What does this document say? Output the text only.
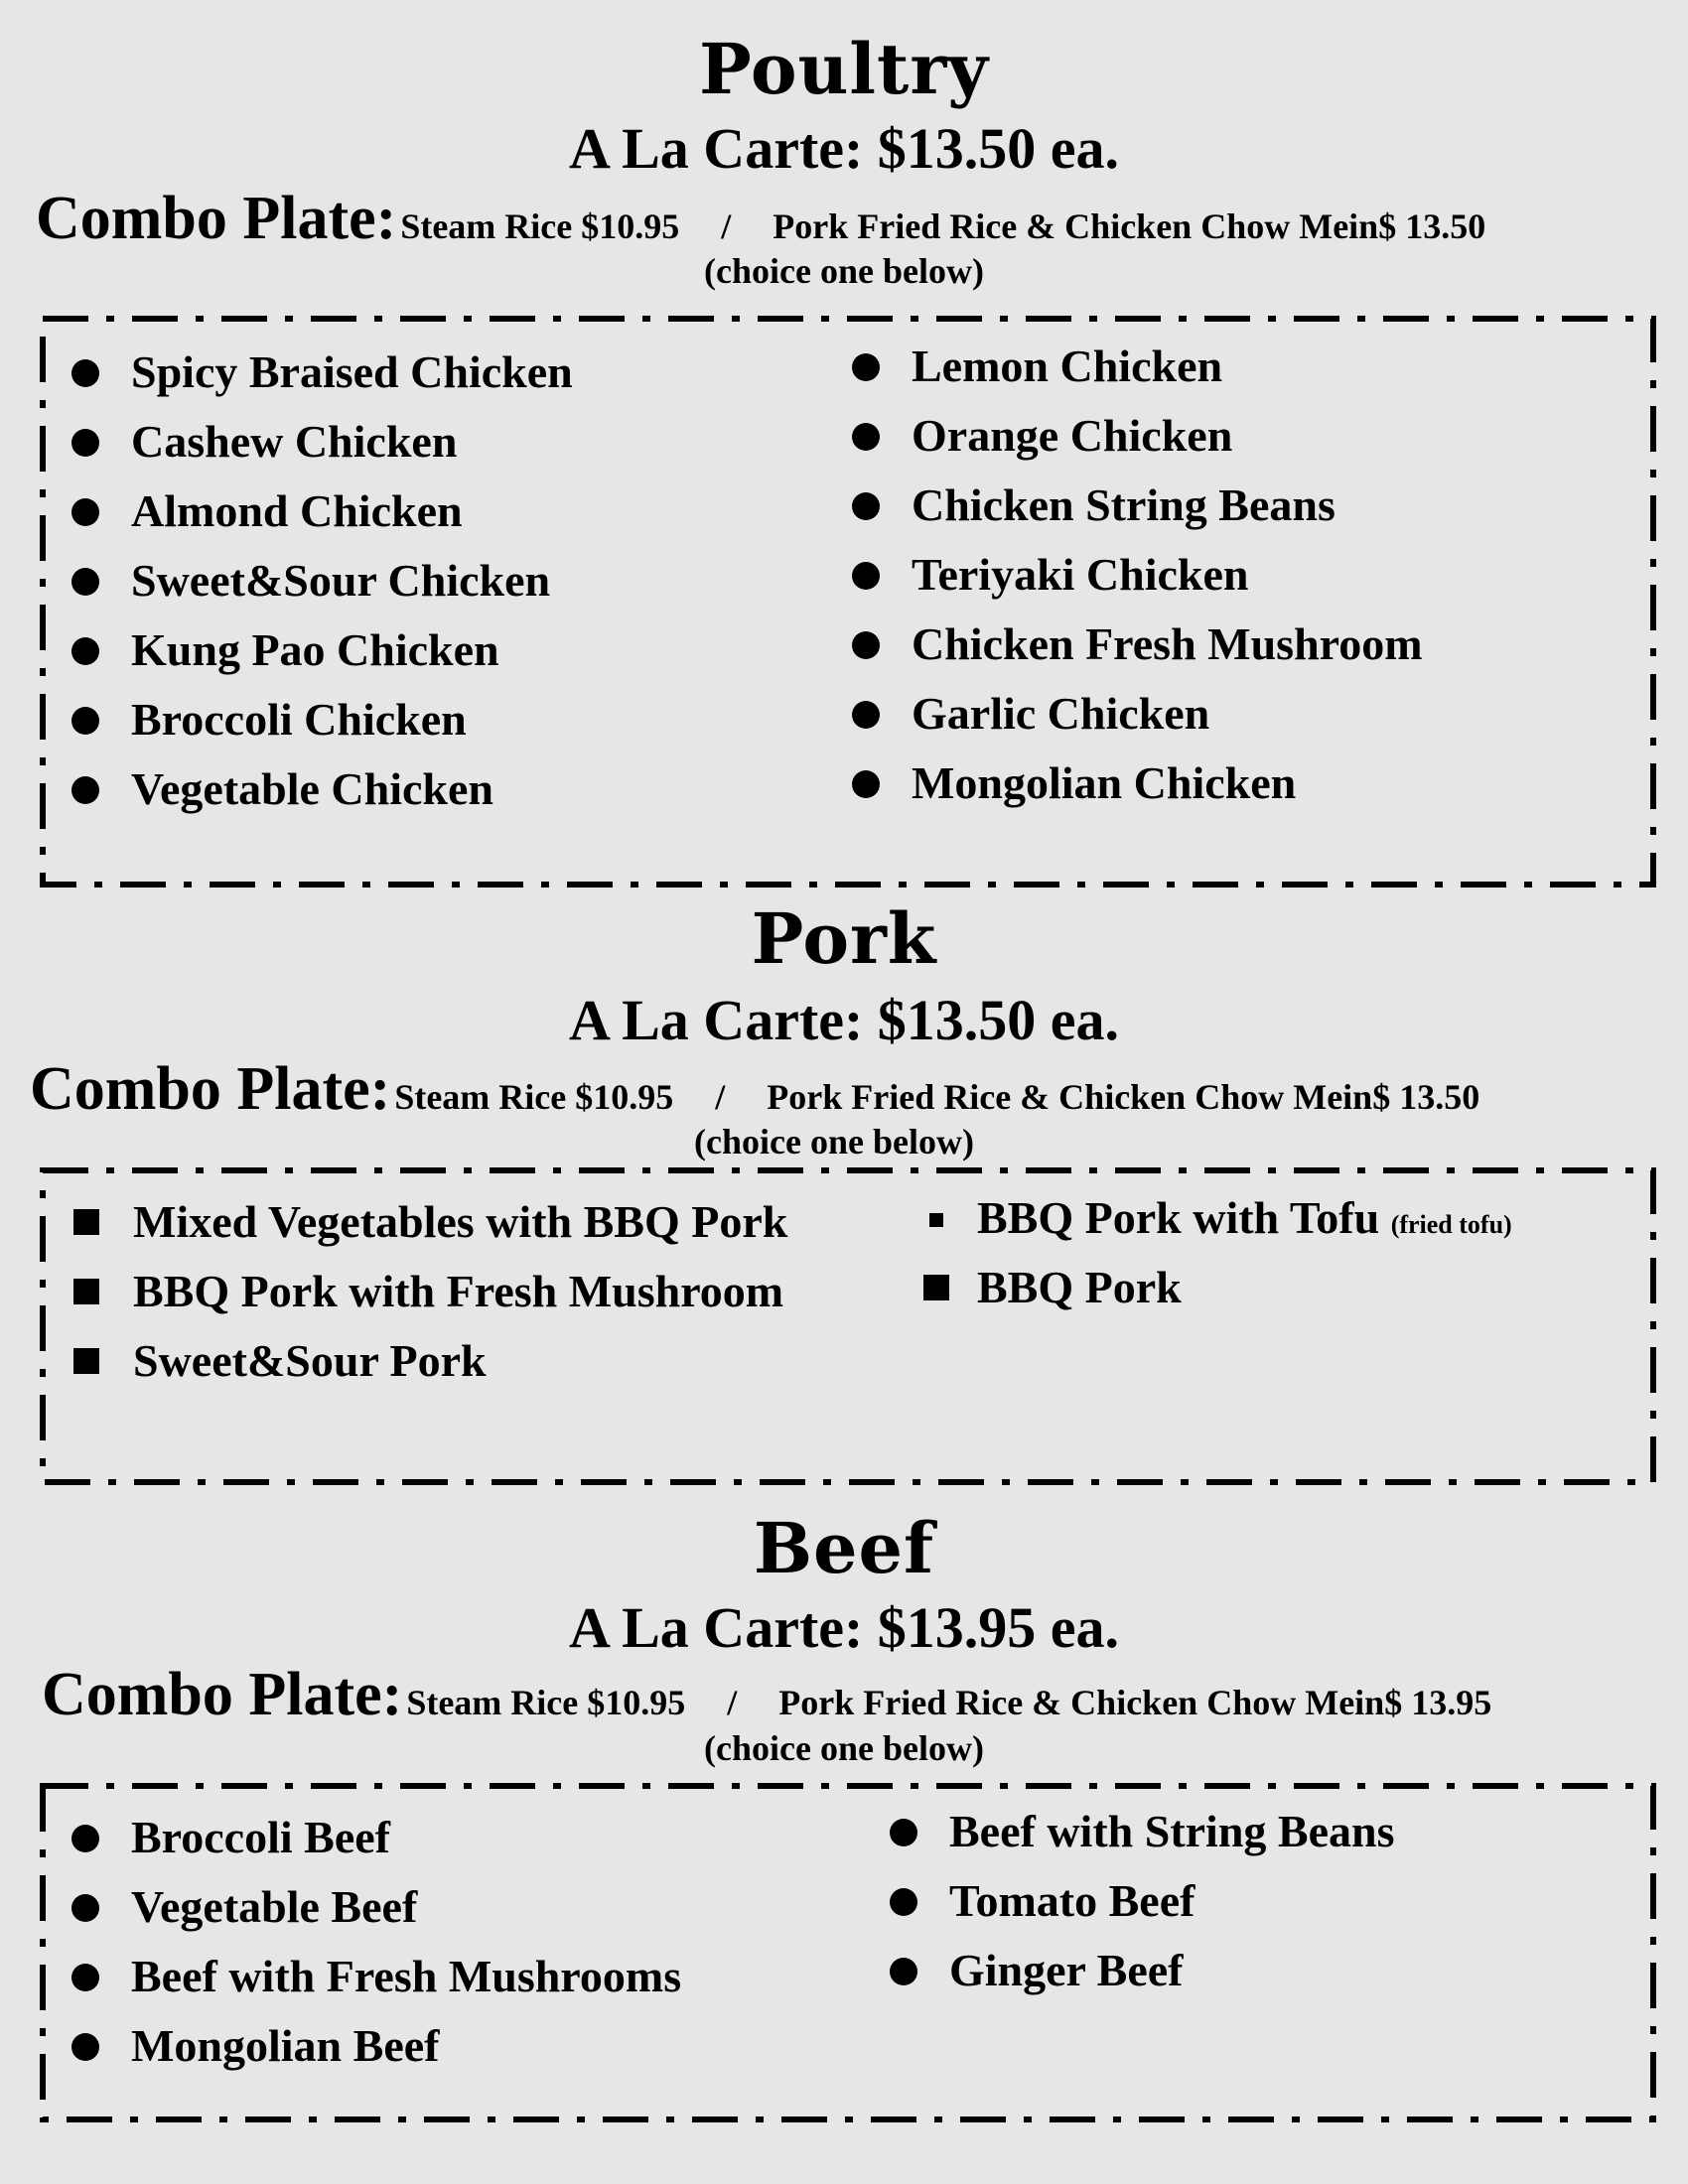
Poultry
A La Carte: $13.50 ea.
Combo Plate: Steam Rice $10.95 / Pork Fried Rice & Chicken Chow Mein$ 13.50
(choice one below)
Spicy Braised Chicken
Cashew Chicken
Almond Chicken
Sweet&Sour Chicken
Kung Pao Chicken
Broccoli Chicken
Vegetable Chicken
Lemon Chicken
Orange Chicken
Chicken String Beans
Teriyaki Chicken
Chicken Fresh Mushroom
Garlic Chicken
Mongolian Chicken
Pork
A La Carte: $13.50 ea.
Combo Plate: Steam Rice $10.95 / Pork Fried Rice & Chicken Chow Mein$ 13.50
(choice one below)
Mixed Vegetables with BBQ Pork
BBQ Pork with Fresh Mushroom
Sweet&Sour Pork
BBQ Pork with Tofu (fried tofu)
BBQ Pork
Beef
A La Carte: $13.95 ea.
Combo Plate: Steam Rice $10.95 / Pork Fried Rice & Chicken Chow Mein$ 13.95
(choice one below)
Broccoli Beef
Vegetable Beef
Beef with Fresh Mushrooms
Mongolian Beef
Beef with String Beans
Tomato Beef
Ginger Beef
